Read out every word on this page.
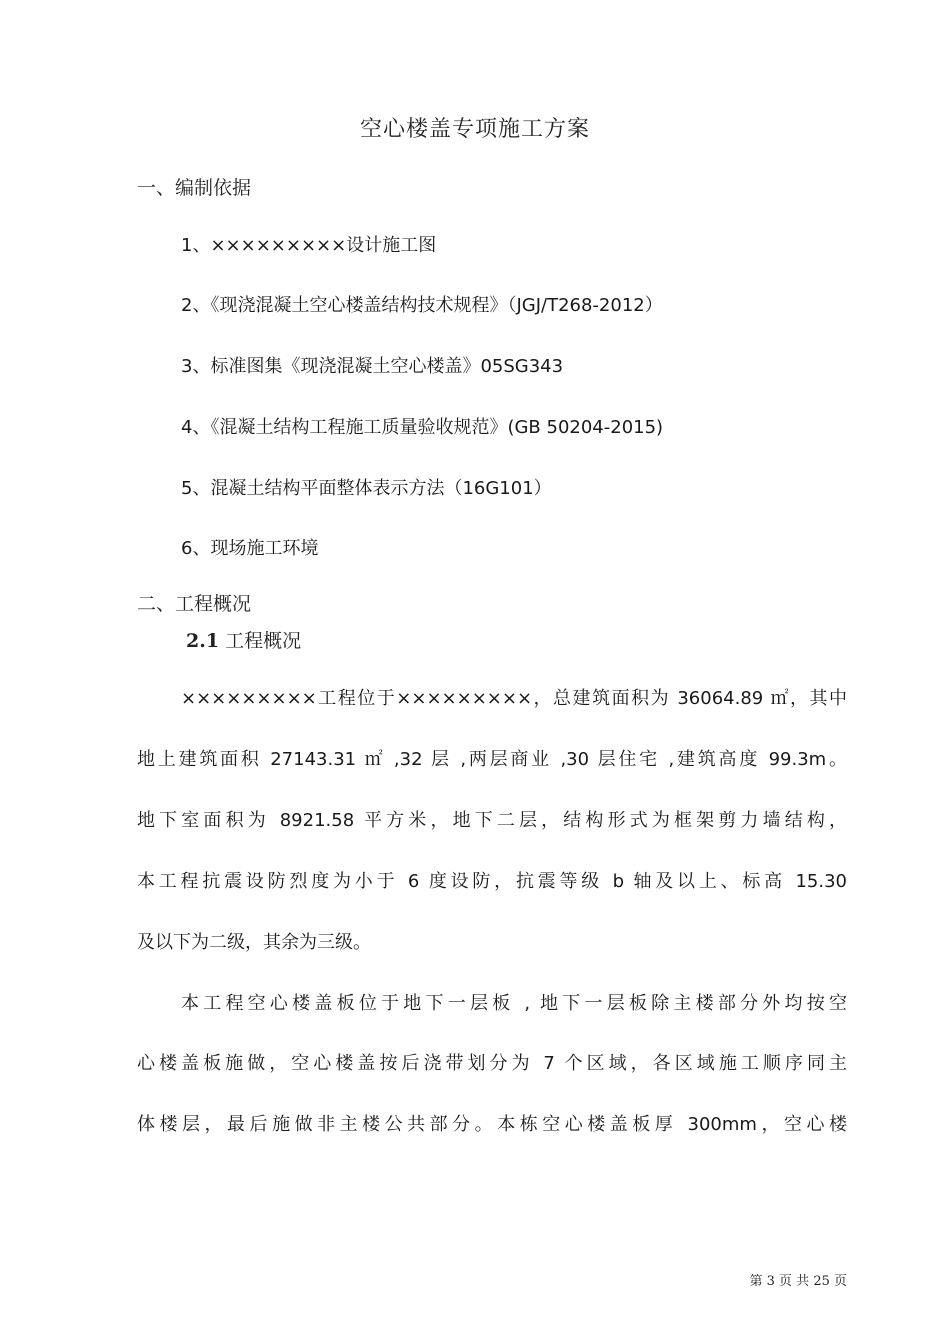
空心楼盖专项施工方案
一、编制依据
1、×××××××××设计施工图
2、《现浇混凝土空心楼盖结构技术规程》（JGJ/T268-2012）
3、标准图集《现浇混凝土空心楼盖》05SG343
4、《混凝土结构工程施工质量验收规范》(GB 50204-2015)
5、混凝土结构平面整体表示方法（16G101）
6、现场施工环境
二、工程概况
2.1 工程概况
×××××××××工程位于×××××××××，总建筑面积为 36064.89 ㎡，其中
地上建筑面积 27143.31 ㎡ ,32 层 ,两层商业 ,30 层住宅 ,建筑高度 99.3m。
地下室面积为 8921.58 平方米，地下二层，结构形式为框架剪力墙结构，
本工程抗震设防烈度为小于 6 度设防，抗震等级 b 轴及以上、标高 15.30
及以下为二级，其余为三级。
本工程空心楼盖板位于地下一层板 , 地下一层板除主楼部分外均按空
心楼盖板施做，空心楼盖按后浇带划分为 7 个区域，各区域施工顺序同主
体楼层，最后施做非主楼公共部分。本栋空心楼盖板厚 300mm，空心楼
第 3 页 共 25 页
